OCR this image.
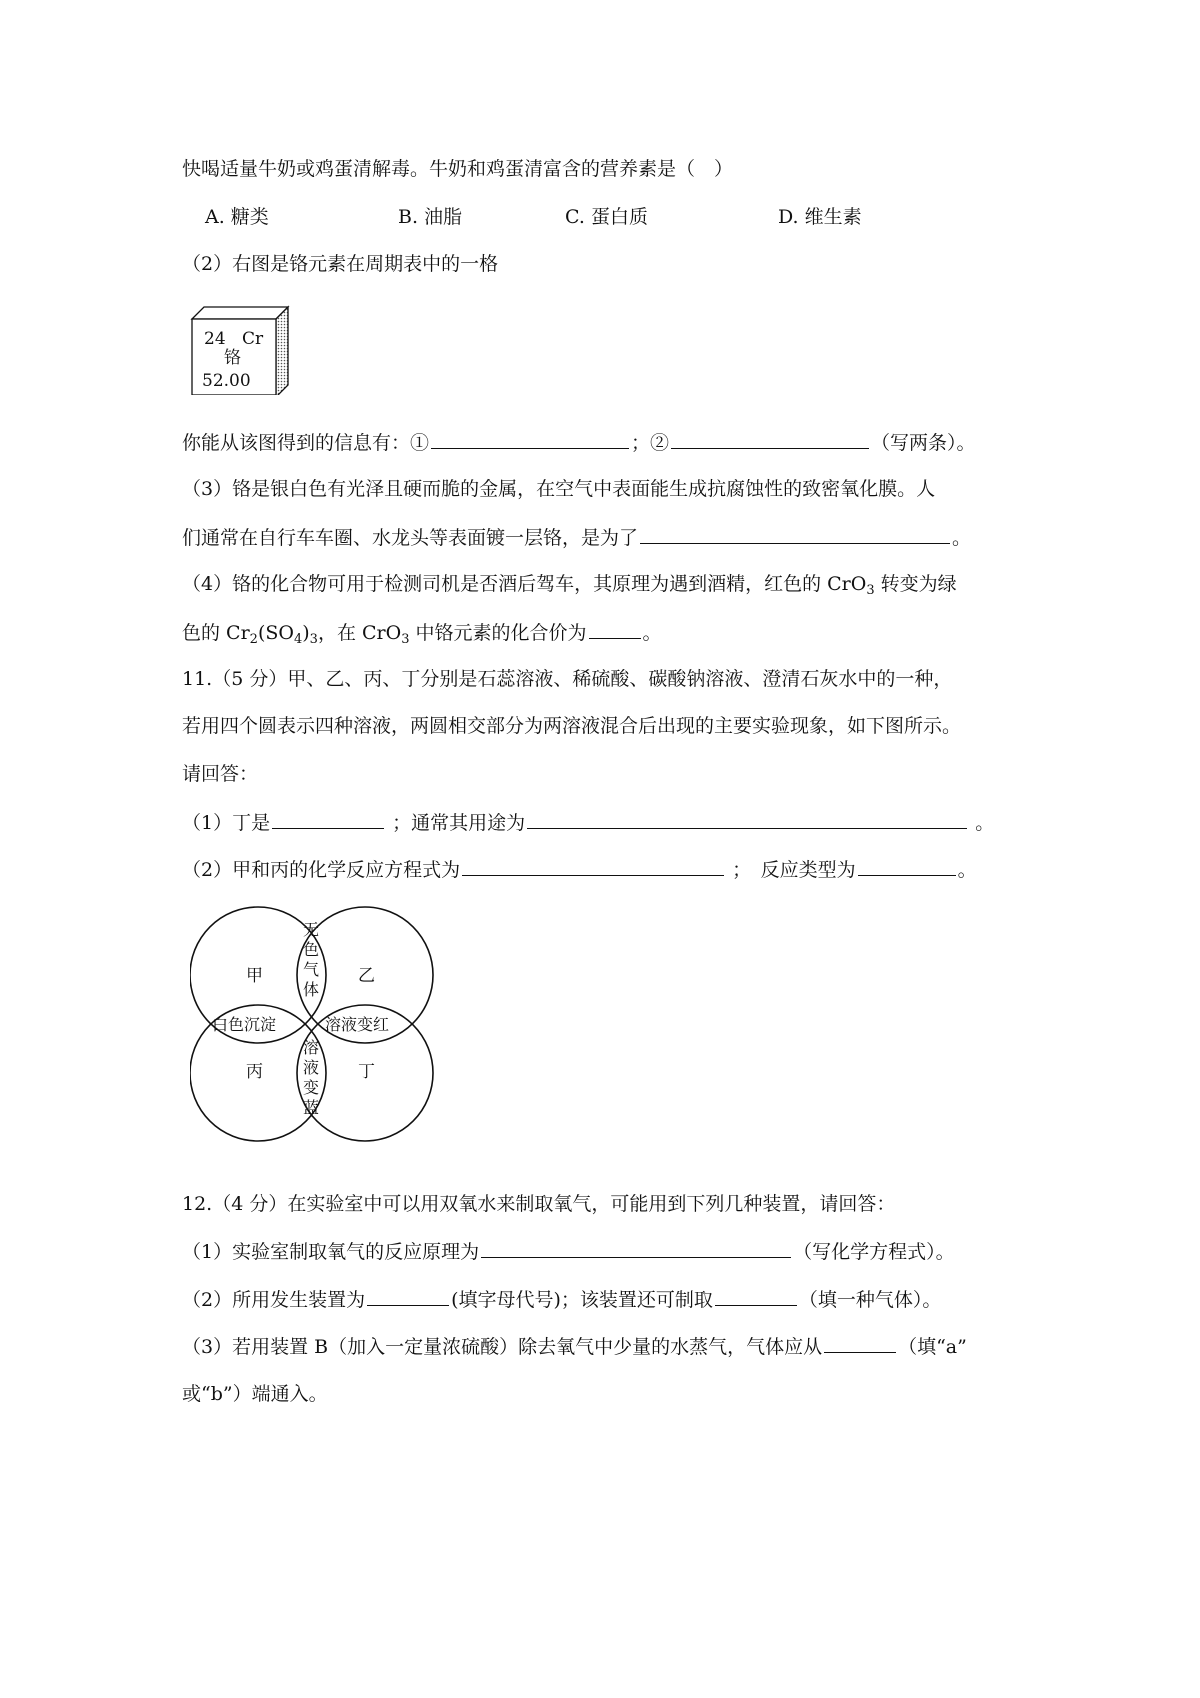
快喝适量牛奶或鸡蛋清解毒。牛奶和鸡蛋清富含的营养素是（　）
A. 糖类	B. 油脂	C. 蛋白质	D. 维生素
（2）右图是铬元素在周期表中的一格
24 Cr
铬
52.00
你能从该图得到的信息有：①	；②	（写两条）。
（3）铬是银白色有光泽且硬而脆的金属，在空气中表面能生成抗腐蚀性的致密氧化膜。人
们通常在自行车车圈、水龙头等表面镀一层铬，是为了	。
（4）铬的化合物可用于检测司机是否酒后驾车，其原理为遇到酒精，红色的 CrO$_3$ 转变为绿
色的 $Cr_2(SO_4)_3$，在 CrO$_3$ 中铬元素的化合价为	。
11.（5 分）甲、乙、丙、丁分别是石蕊溶液、稀硫酸、碳酸钠溶液、澄清石灰水中的一种，
若用四个圆表示四种溶液，两圆相交部分为两溶液混合后出现的主要实验现象，如下图所示。
请回答：
（1）丁是	；通常其用途为	。
（2）甲和丙的化学反应方程式为	；　反应类型为	。
甲	乙
丙	丁
无
色
气
体
白色沉淀	溶液变红
溶
液
变
蓝
12.（4 分）在实验室中可以用双氧水来制取氧气，可能用到下列几种装置，请回答：
（1）实验室制取氧气的反应原理为	（写化学方程式）。
（2）所用发生装置为	(填字母代号)；该装置还可制取	（填一种气体）。
（3）若用装置 B（加入一定量浓硫酸）除去氧气中少量的水蒸气，气体应从	（填“a”
或“b”）端通入。
